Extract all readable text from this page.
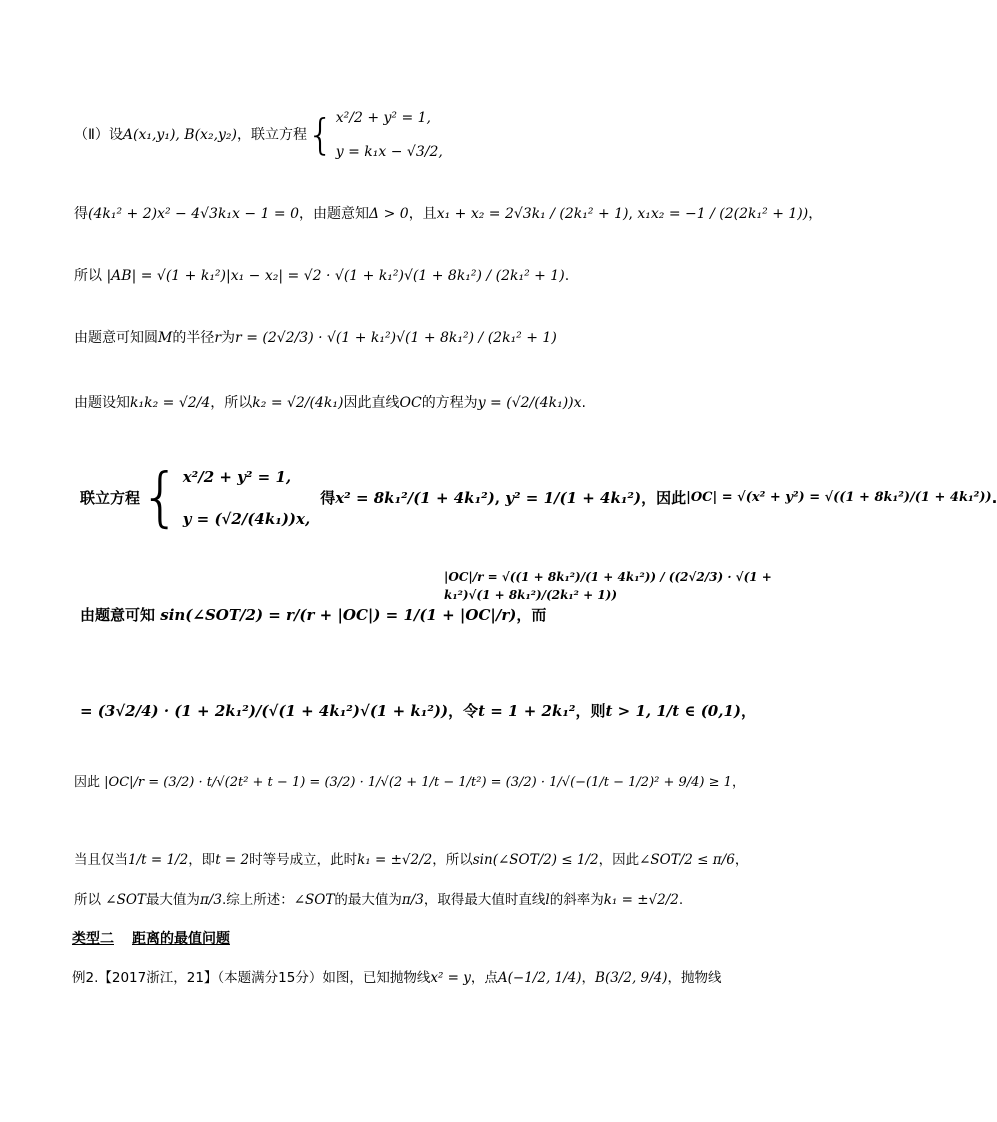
（Ⅱ）设 A(x₁,y₁), B(x₂,y₂) ，联立方程 { x²/2 + y² = 1,
y = k₁x − √3/2,
得 (4k₁² + 2)x² − 4√3k₁x − 1 = 0 ，由题意知 Δ > 0 ，且 x₁ + x₂ = 2√3k₁ / (2k₁² + 1) , x₁x₂ = −1 / (2(2k₁² + 1)) ，
所以
|AB| = √(1 + k₁²)|x₁ − x₂| = √2 · √(1 + k₁²)√(1 + 8k₁²) / (2k₁² + 1) .
由题意可知圆 M 的半径 r 为 r = (2√2/3) · √(1 + k₁²)√(1 + 8k₁²) / (2k₁² + 1)
由题设知 k₁k₂ = √2/4 ，所以 k₂ = √2/(4k₁) 因此直线 OC 的方程为 y = (√2/(4k₁))x .
联立方程 { x²/2 + y² = 1,
y = (√2/(4k₁))x,
得 x² = 8k₁²/(1 + 4k₁²) , y² = 1/(1 + 4k₁²) ，因此 |OC| = √(x² + y²) = √((1 + 8k₁²)/(1 + 4k₁²)) .
由题意可知
sin(∠SOT/2) = r/(r + |OC|) = 1/(1 + |OC|/r) ，而
|OC|/r = √((1 + 8k₁²)/(1 + 4k₁²)) / ((2√2/3) · √(1 + k₁²)√(1 + 8k₁²)/(2k₁² + 1))
= (3√2/4) · (1 + 2k₁²)/(√(1 + 4k₁²)√(1 + k₁²)) ，令 t = 1 + 2k₁² ，则 t > 1, 1/t ∈ (0,1) ，
因此
|OC|/r = (3/2) · t/√(2t² + t − 1) = (3/2) · 1/√(2 + 1/t − 1/t²) = (3/2) · 1/√(−(1/t − 1/2)² + 9/4) ≥ 1 ，
当且仅当 1/t = 1/2 ，即 t = 2 时等号成立，此时 k₁ = ±√2/2 ，所以 sin(∠SOT/2) ≤ 1/2 ，因此 ∠SOT/2 ≤ π/6 ，
所以
∠SOT 最大值为 π/3 .综上所述： ∠SOT 的最大值为 π/3 ，取得最大值时直线 l 的斜率为 k₁ = ±√2/2 .
类型二 距离的最值问题
例2.【2017浙江，21】（本题满分15分）如图，已知抛物线 x² = y ，点 A(−1/2, 1/4) ， B(3/2, 9/4) ，抛物线
